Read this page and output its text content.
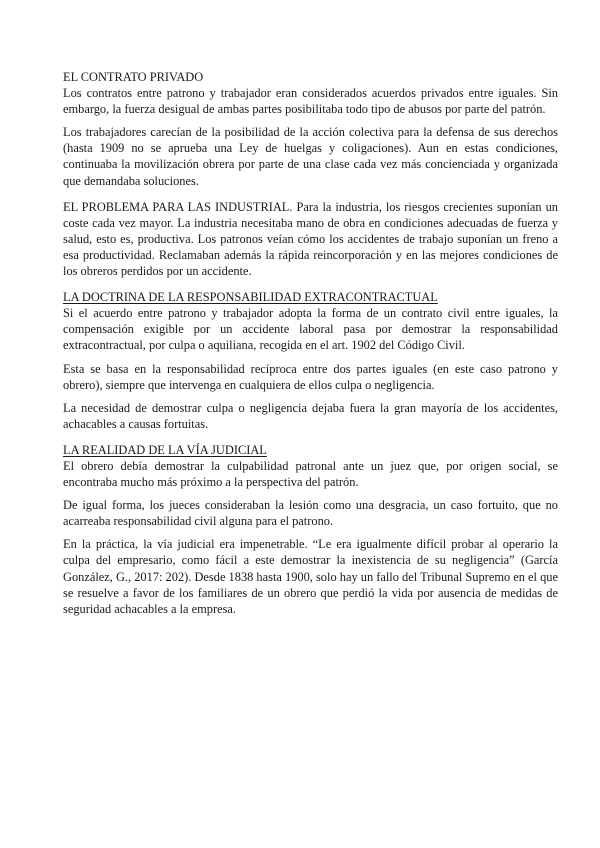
EL CONTRATO PRIVADO

Los contratos entre patrono y trabajador eran considerados acuerdos privados entre iguales. Sin embargo, la fuerza desigual de ambas partes posibilitaba todo tipo de abusos por parte del patrón.

Los trabajadores carecían de la posibilidad de la acción colectiva para la defensa de sus derechos (hasta 1909 no se aprueba una Ley de huelgas y coligaciones). Aun en estas condiciones, continuaba la movilización obrera por parte de una clase cada vez más concienciada y organizada que demandaba soluciones.

EL PROBLEMA PARA LAS INDUSTRIAL. Para la industria, los riesgos crecientes suponían un coste cada vez mayor. La industria necesitaba mano de obra en condiciones adecuadas de fuerza y salud, esto es, productiva. Los patronos veían cómo los accidentes de trabajo suponían un freno a esa productividad. Reclamaban además la rápida reincorporación y en las mejores condiciones de los obreros perdidos por un accidente.

LA DOCTRINA DE LA RESPONSABILIDAD EXTRACONTRACTUAL

Si el acuerdo entre patrono y trabajador adopta la forma de un contrato civil entre iguales, la compensación exigible por un accidente laboral pasa por demostrar la responsabilidad extracontractual, por culpa o aquiliana, recogida en el art. 1902 del Código Civil.

Esta se basa en la responsabilidad recíproca entre dos partes iguales (en este caso patrono y obrero), siempre que intervenga en cualquiera de ellos culpa o negligencia.

La necesidad de demostrar culpa o negligencia dejaba fuera la gran mayoría de los accidentes, achacables a causas fortuitas.

LA REALIDAD DE LA VÍA JUDICIAL

El obrero debía demostrar la culpabilidad patronal ante un juez que, por origen social, se encontraba mucho más próximo a la perspectiva del patrón.

De igual forma, los jueces consideraban la lesión como una desgracia, un caso fortuito, que no acarreaba responsabilidad civil alguna para el patrono.

En la práctica, la vía judicial era impenetrable. “Le era igualmente difícil probar al operario la culpa del empresario, como fácil a este demostrar la inexistencia de su negligencia” (García González, G., 2017: 202). Desde 1838 hasta 1900, solo hay un fallo del Tribunal Supremo en el que se resuelve a favor de los familiares de un obrero que perdió la vida por ausencia de medidas de seguridad achacables a la empresa.
